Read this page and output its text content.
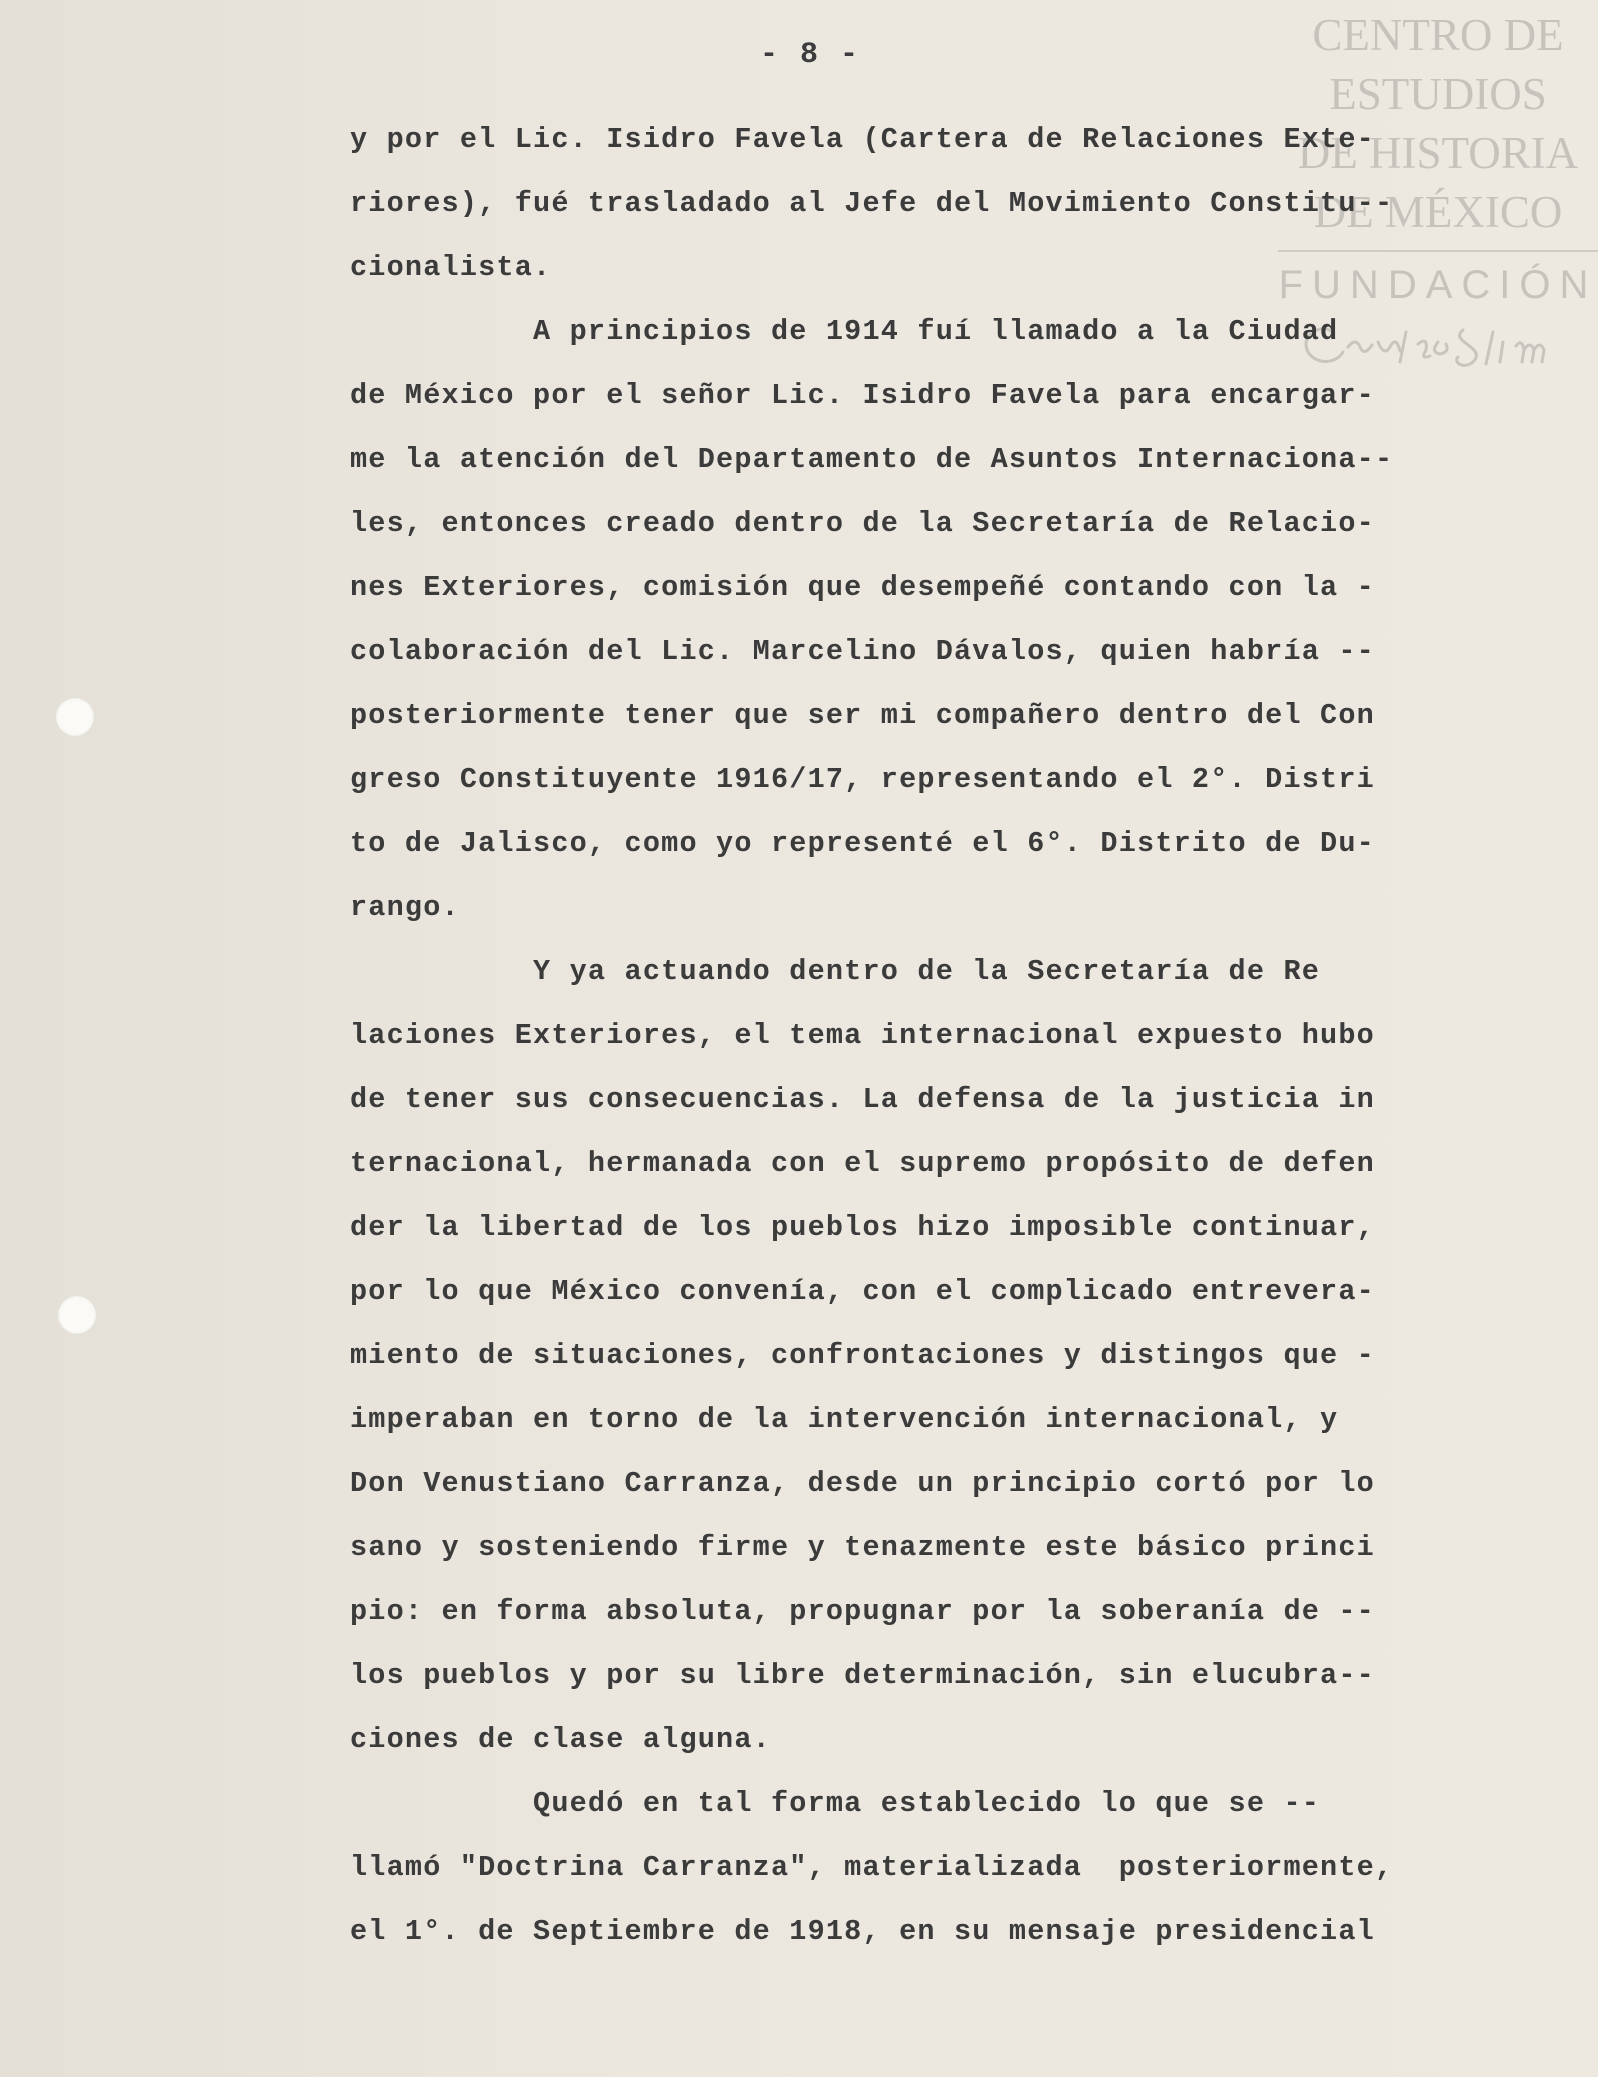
- 8 -	CENTRO DE
ESTUDIOS
DE HISTORIA
DE MÉXICO
FUNDACIÓN
y por el Lic. Isidro Favela (Cartera de Relaciones Exte-
riores), fué trasladado al Jefe del Movimiento Constitu--
cionalista.
A principios de 1914 fuí llamado a la Ciudad
de México por el señor Lic. Isidro Favela para encargar-
me la atención del Departamento de Asuntos Internaciona--
les, entonces creado dentro de la Secretaría de Relacio-
nes Exteriores, comisión que desempeñé contando con la -
colaboración del Lic. Marcelino Dávalos, quien habría --
posteriormente tener que ser mi compañero dentro del Con
greso Constituyente 1916/17, representando el 2°. Distri
to de Jalisco, como yo representé el 6°. Distrito de Du-
rango.
Y ya actuando dentro de la Secretaría de Re
laciones Exteriores, el tema internacional expuesto hubo
de tener sus consecuencias. La defensa de la justicia in
ternacional, hermanada con el supremo propósito de defen
der la libertad de los pueblos hizo imposible continuar,
por lo que México convenía, con el complicado entrevera-
miento de situaciones, confrontaciones y distingos que -
imperaban en torno de la intervención internacional, y
Don Venustiano Carranza, desde un principio cortó por lo
sano y sosteniendo firme y tenazmente este básico princi
pio: en forma absoluta, propugnar por la soberanía de --
los pueblos y por su libre determinación, sin elucubra--
ciones de clase alguna.
Quedó en tal forma establecido lo que se --
llamó "Doctrina Carranza", materializada  posteriormente,
el 1°. de Septiembre de 1918, en su mensaje presidencial
